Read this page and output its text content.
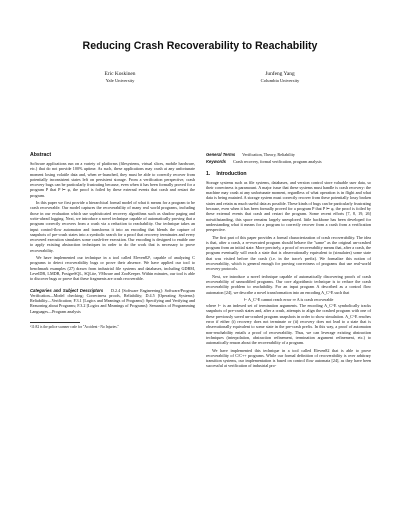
Reducing Crash Recoverability to Reachability
Eric Koskinen
Yale University
Junfeng Yang
Columbia University
Abstract

Software applications run on a variety of platforms (filesystems, virtual slices, mobile hardware, etc.) that do not provide 100% uptime. As such, these applications may crash at any unfortunate moment losing volatile data and, when re-launched, they must be able to correctly recover from potentially inconsistent states left on persistent storage. From a verification perspective, crash recovery bugs can be particularly frustrating because, even when it has been formally proved for a program P that P ⊨ φ, the proof is foiled by these external events that crash and restart the program.

In this paper we first provide a hierarchical formal model of what it means for a program to be crash recoverable. Our model captures the recoverability of many real world programs, including those in our evaluation which use sophisticated recovery algorithms such as shadow paging and write-ahead logging. Next, we introduce a novel technique capable of automatically proving that a program correctly recovers from a crash via a reduction to reachability. Our technique takes an input control-flow automaton and transforms it into an encoding that blends the capture of snapshots of pre-crash states into a symbolic search for a proof that recovery terminates and every recovered execution simulates some crash-free execution. Our encoding is designed to enable one to apply existing abstraction techniques in order to do the work that is necessary to prove recoverability.

We have implemented our technique in a tool called Eleven82¹, capable of analyzing C programs to detect recoverability bugs or prove their absence. We have applied our tool to benchmark examples (27) drawn from industrial file systems and databases, including GDBM, LevelDB, LMDB, PostgreSQL, SQLite, VMware and ZooKeeper. Within minutes, our tool is able to discover bugs or prove that these fragments are crash recoverable.

Categories and Subject Descriptors D.2.4 [Software Engineering]: Software/Program Verification—Model checking; Correctness proofs, Reliability; D.4.5 [Operating Systems]: Reliability—Verification; F.3.1 [Logics and Meanings of Programs]: Specifying and Verifying and Reasoning about Programs; F.3.2 [Logics and Meanings of Programs]: Semantics of Programming Languages—Program analysis

¹11:82 is the police scanner code for "Accident - No Injuries."

General Terms Verification, Theory, Reliability

Keywords Crash recovery, formal verification, program analysis

1. Introduction

Storage systems such as file systems, databases, and version control store valuable user data, so their correctness is paramount. A major issue that these systems must handle is crash recovery: the machine may crash at any unfortunate moment, regardless of what operation is in flight and what data is being mutated. A storage system must correctly recover from these potentially lossy broken states and retain as much useful data as possible. These kinds of bugs can be particularly frustrating because, even when it has been formally proved for a program P that P ⊨ φ, the proof is foiled by these external events that crash and restart the program. Some recent efforts [7, 8, 19, 26] notwithstanding, this space remains largely unexplored. little backbone has been developed for understanding what it means for a program to correctly recover from a crash from a verification perspective.

The first part of this paper provides a formal characterization of crash recoverability. The idea is that, after a crash, a re-executed program should behave the "same" as the original un-crashed program from an initial state. More precisely, a proof of recoverability means that, after a crash, the program eventually will reach a state that is observationally equivalent to (simulates) some state that was visited before the crash (i.e. in the trace's prefix). We formalize this notion of recoverability, which is general enough for proving correctness of programs that use real-world recovery protocols.

Next, we introduce a novel technique capable of automatically discovering proofs of crash recoverability of unmodified programs. Our core algorithmic technique is to reduce the crash recoverability problem to reachability. For an input program A described as a control flow automaton [24], we describe a novel transformation into an encoding A_C^E such that

⊢ A_C^E cannot reach error ⇒ A is crash recoverable

where ⊢ is an indexed set of termination arguments. The encoding A_C^E symbolically tracks snapshots of pre-crash states and, after a crash, attempts to align the crashed program with one of these previously saved un-crashed program snapshots in order to show simulation. A_C^E reaches error if either (i) recovery does not terminate or (ii) recovery does not lead to a state that is observationally equivalent to some state in the pre-crash prefix. In this way, a proof of automaton non-reachability entails a proof of recoverability. Thus, we can leverage existing abstraction techniques (interpolation, abstraction refinement, termination argument refinement, etc.) to automatically reason about the recoverability of a program.

We have implemented this technique in a tool called Eleven82 that is able to prove recoverability of C/C++ programs. While our formal definition of recoverability is over arbitrary transition systems, our implementation is based on control flow automata [24], as they have been successful at verification of industrial pro-
